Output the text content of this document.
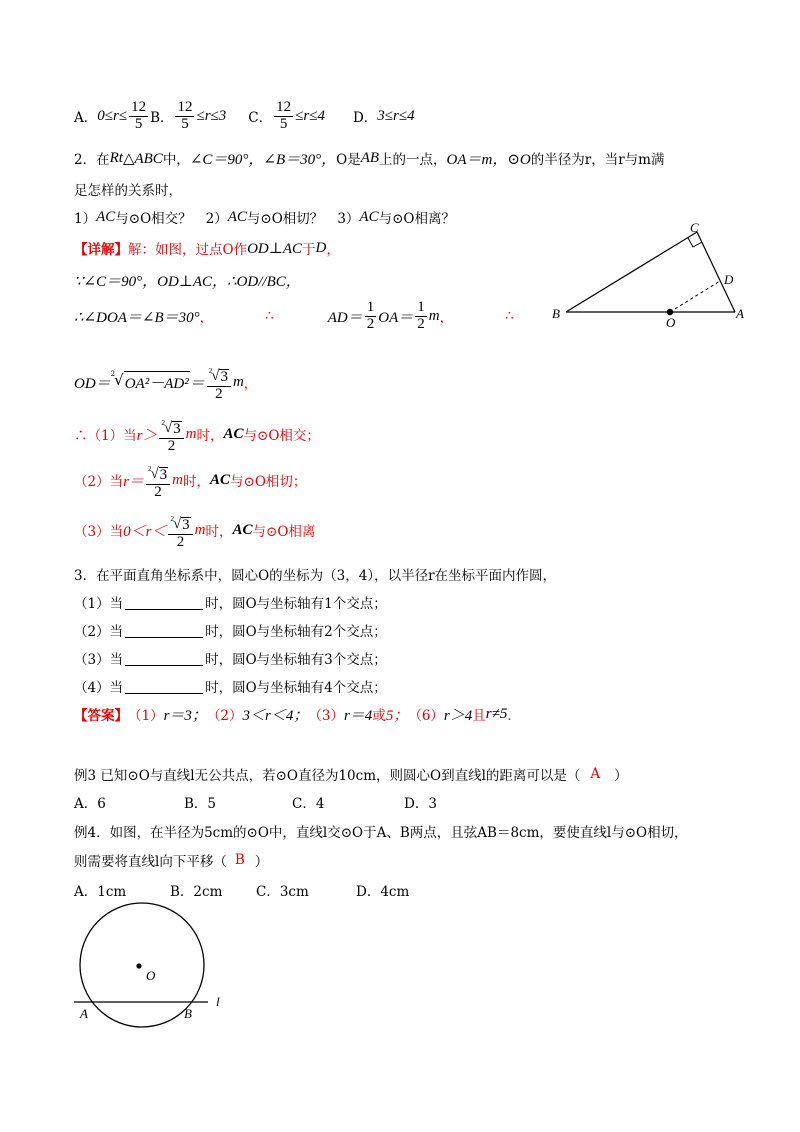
A． $0\le r\le \frac{12}{5}$ B． $\frac{12}{5} \le r\le 3$ C． $\frac{12}{5} \le r\le 4$ D． 3≤r≤4
2．在 Rt △ABC 中， ∠C＝90°，∠B＝30°， O是 AB 上的一点， OA＝m，⊙O 的半径为r，当r与m满
足怎样的关系时，
1） AC 与⊙O相交？ 2） AC 与⊙O相切？ 3） AC 与⊙O相离？
【详解】 解：如图，过点O作 OD⊥AC 于 D ，
∵∠C＝90°，OD⊥AC，∴OD//BC，
∴∠DOA＝∠B＝30° ，	∴	$AD= \frac{1}{2} OA= \frac{1}{2}$ m ，	∴
OD＝
2 √ $OA^2-AD^2 = \frac{2 √ 3}{2}$ m ，
∴（1）当 $r> \frac{2 √ 3}{2}$ m 时， AC 与⊙O相交；
（2）当 $r= \frac{2 √ 3}{2}$ m 时， AC 与⊙O相切；
（3）当 $0<r< \frac{2 √ 3}{2}$ m 时， AC 与⊙O相离
3．在平面直角坐标系中，圆心O的坐标为（3，4），以半径r在坐标平面内作圆，
（1）当	时，圆O与坐标轴有1个交点；
（2）当	时，圆O与坐标轴有2个交点；
（3）当	时，圆O与坐标轴有3个交点；
（4）当	时，圆O与坐标轴有4个交点；
【答案】 （1） r＝3； （2） 3＜r＜4； （3） r＝4 或 5； （6） r＞4 且 r≠5 ．
例3 已知⊙O与直线l无公共点，若⊙O直径为10cm，则圆心O到直线l的距离可以是（ A ）
A．6	B．5	C．4	D．3
例4．如图，在半径为5cm的⊙O中，直线l交⊙O于A、B两点，且弦AB＝8cm，要使直线l与⊙O相切，
则需要将直线l向下平移（ B ）
A．1cm	B．2cm	C．3cm	D．4cm
C
D
B
O
A
O
A	B
l
